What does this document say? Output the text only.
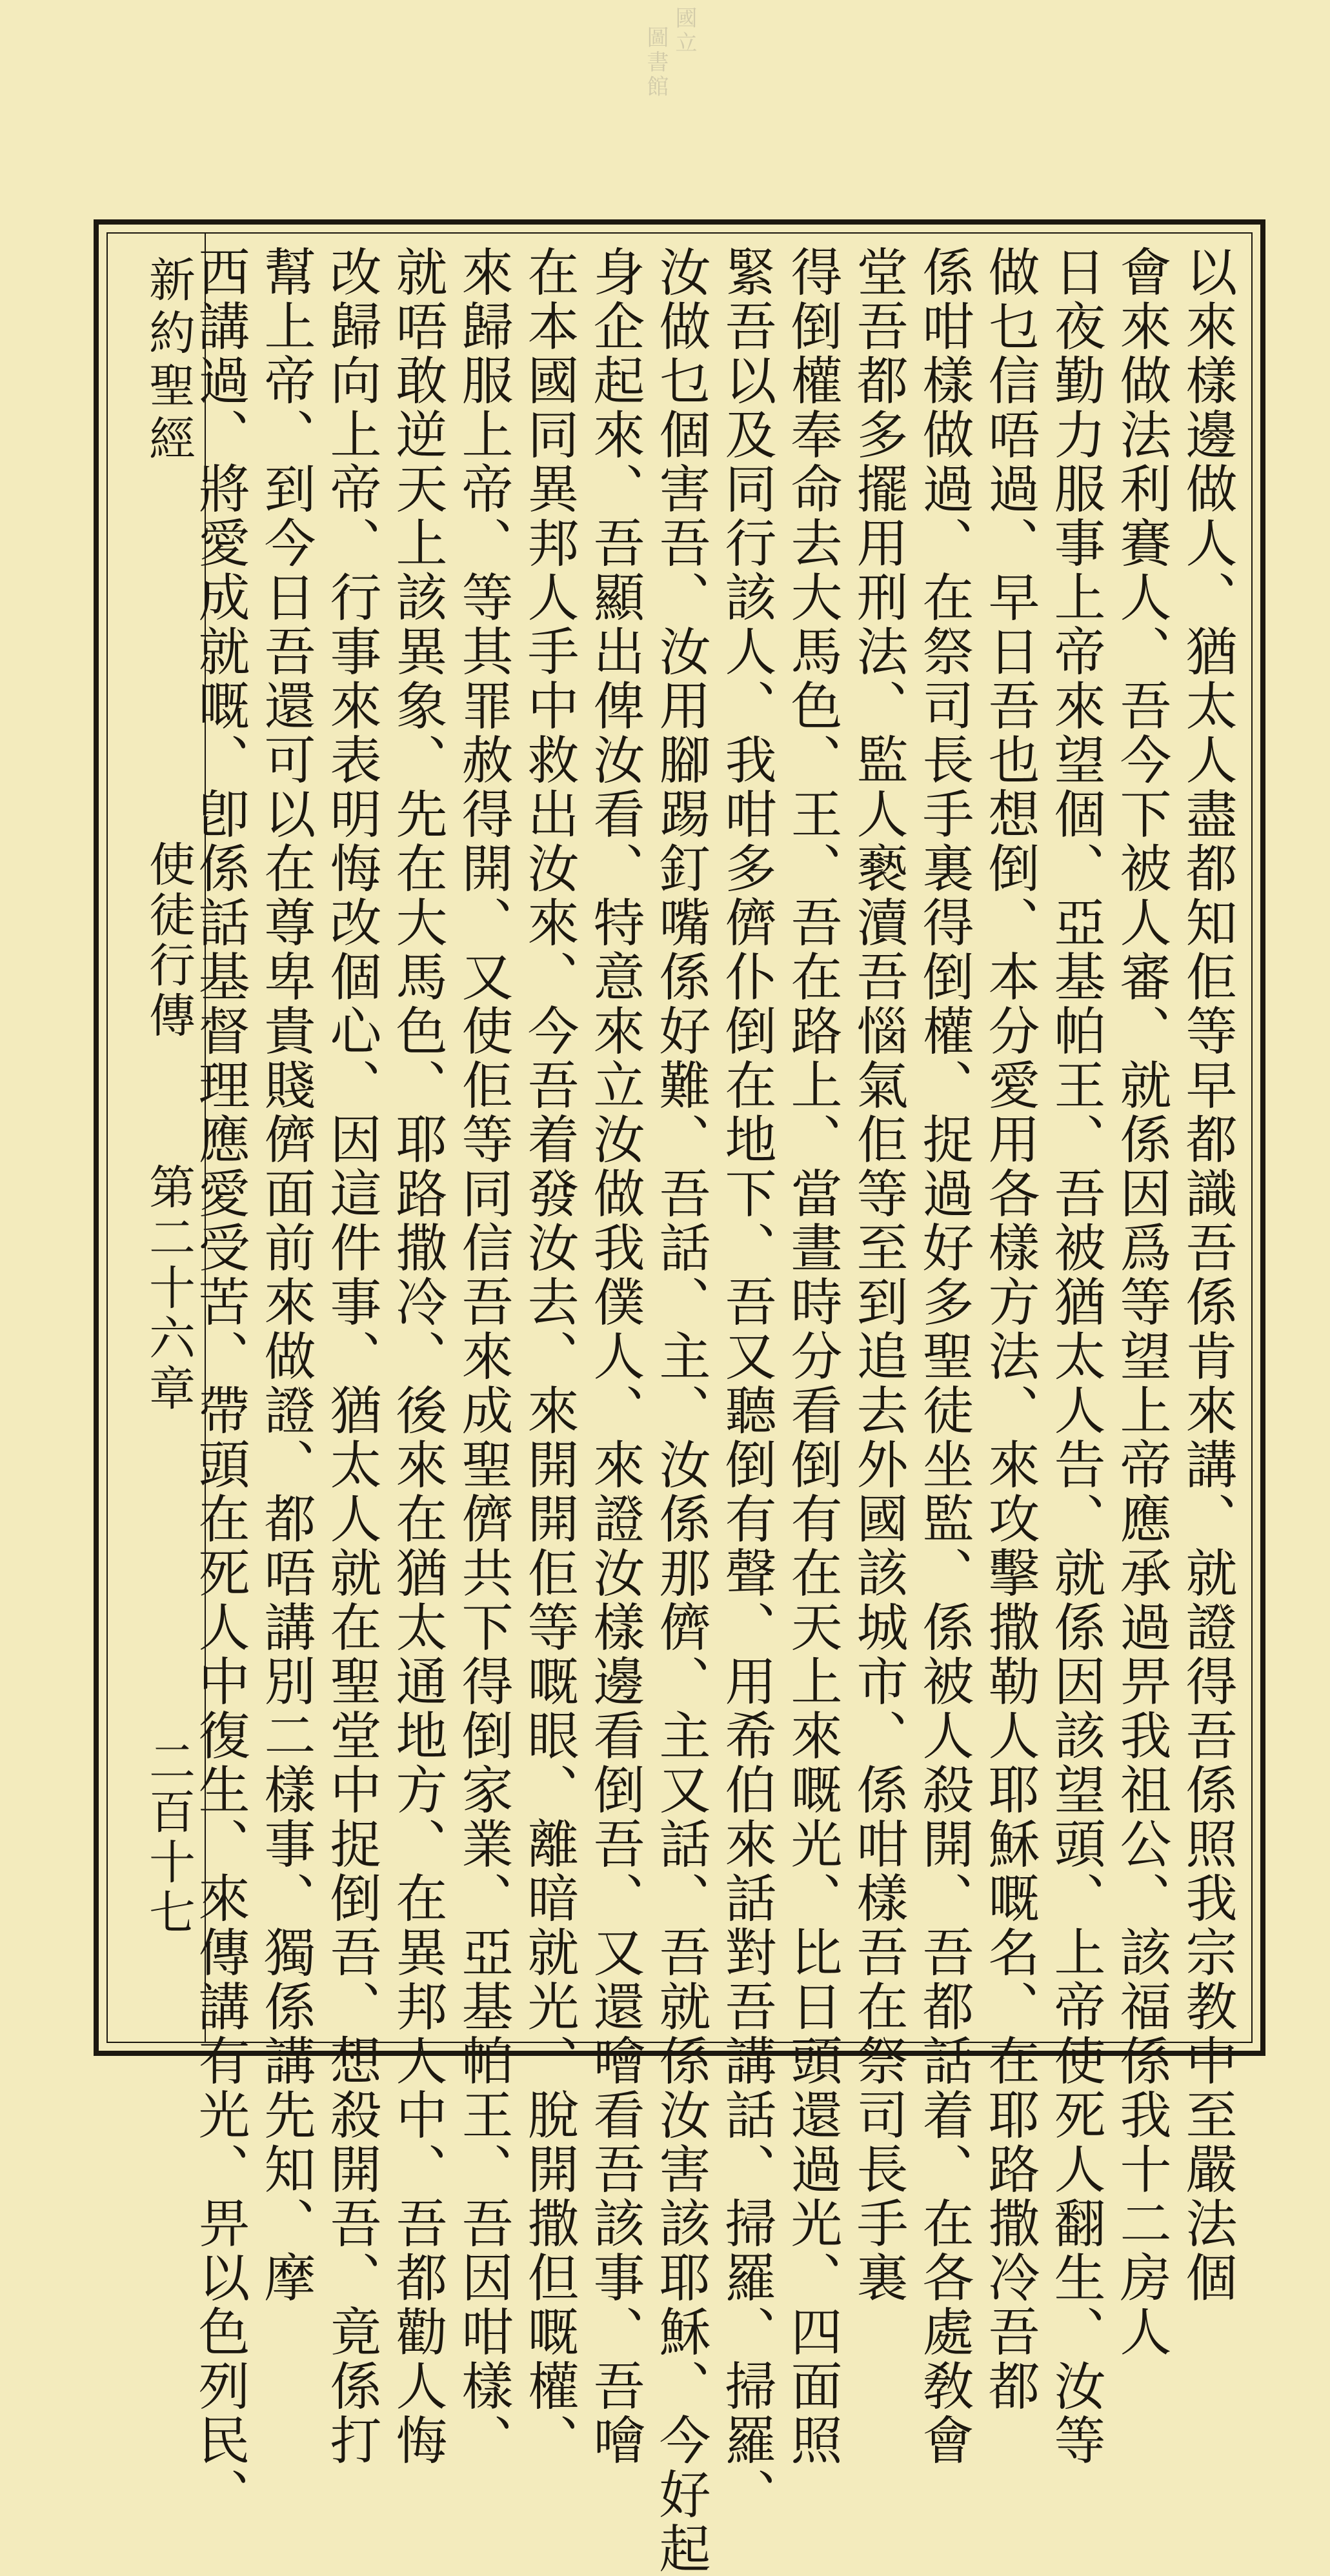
國立
圖書館
新約聖經
使徒行傳
第二十六章
二百十七	以來樣邊做人、猶太人盡都知佢等早都識吾係肯來講、就證得吾係照我宗教中至嚴法個
會來做法利賽人、吾今下被人審、就係因爲等望上帝應承過畀我祖公、該福係我十二房人
日夜勤力服事上帝來望個、亞基帕王、吾被猶太人告、就係因該望頭、上帝使死人翻生、汝等
做乜信唔過、早日吾也想倒、本分愛用各樣方法、來攻擊撒勒人耶穌嘅名、在耶路撒冷吾都
係咁樣做過、在祭司長手裏得倒權、捉過好多聖徒坐監、係被人殺開、吾都話着、在各處敎會
堂吾都多擺用刑法、監人褻瀆吾惱氣佢等至到追去外國該城市、係咁樣吾在祭司長手裏
得倒權奉命去大馬色、王、吾在路上、當晝時分看倒有在天上來嘅光、比日頭還過光、四面照
緊吾以及同行該人、我咁多儕仆倒在地下、吾又聽倒有聲、用希伯來話對吾講話、掃羅、掃羅、
汝做乜個害吾、汝用腳踢釘嘴係好難、吾話、主、汝係那儕、主又話、吾就係汝害該耶穌、今好起
身企起來、吾顯出俾汝看、特意來立汝做我僕人、來證汝樣邊看倒吾、又還噲看吾該事、吾噲
在本國同異邦人手中救出汝來、今吾着發汝去、來開開佢等嘅眼、離暗就光、脫開撒但嘅權、
來歸服上帝、等其罪赦得開、又使佢等同信吾來成聖儕共下得倒家業、亞基帕王、吾因咁樣、
就唔敢逆天上該異象、先在大馬色、耶路撒冷、後來在猶太通地方、在異邦人中、吾都勸人悔
改歸向上帝、行事來表明悔改個心、因這件事、猶太人就在聖堂中捉倒吾、想殺開吾、竟係打
幫上帝、到今日吾還可以在尊卑貴賤儕面前來做證、都唔講別二樣事、獨係講先知、摩
西講過、將愛成就嘅、卽係話基督理應愛受苦、帶頭在死人中復生、來傳講有光、畀以色列民、
